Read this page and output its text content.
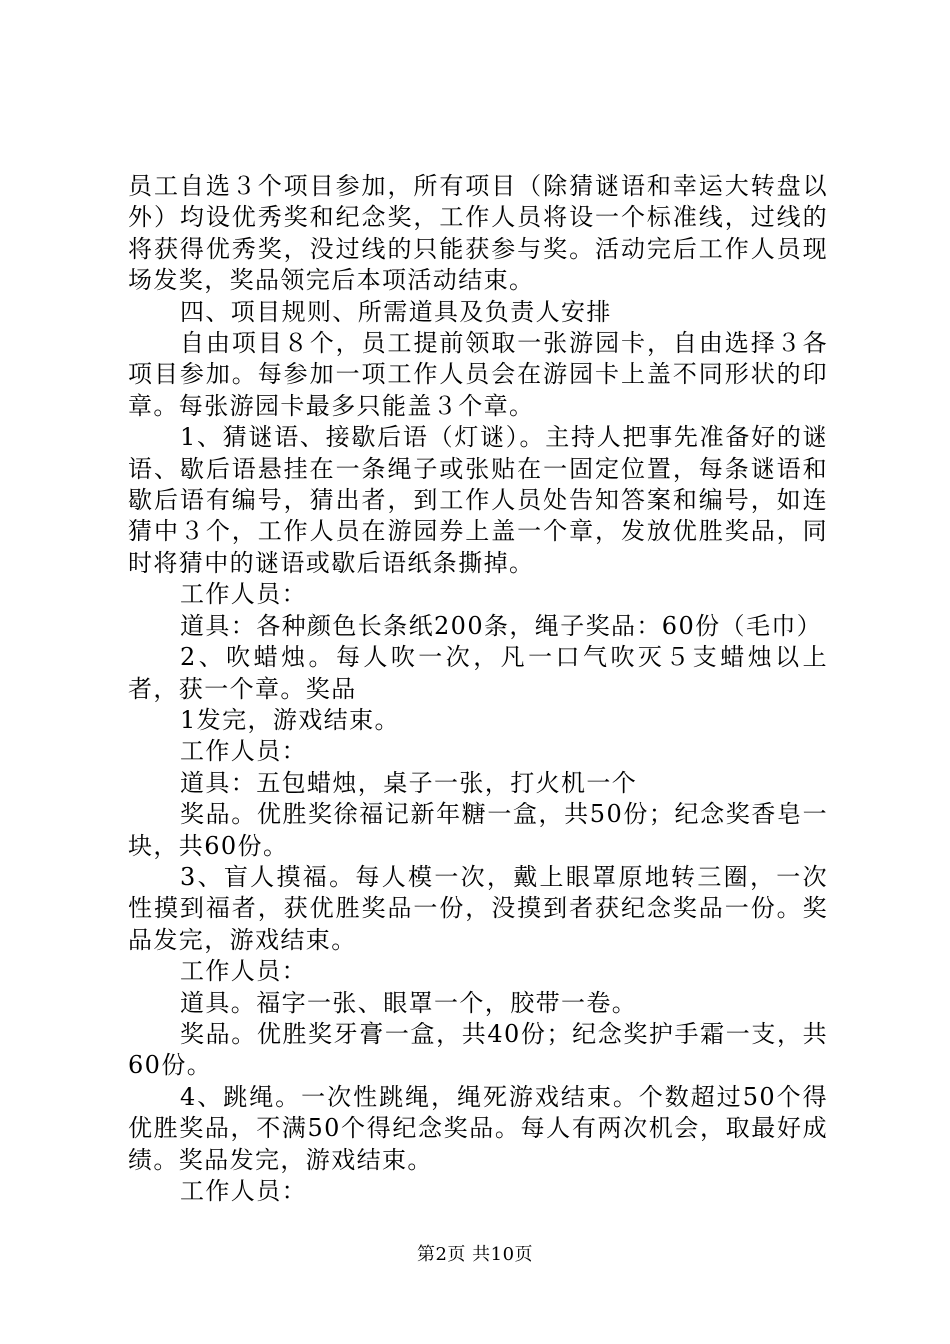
员工自选３个项目参加，所有项目（除猜谜语和幸运大转盘以外）均设优秀奖和纪念奖，工作人员将设一个标准线，过线的将获得优秀奖，没过线的只能获参与奖。活动完后工作人员现场发奖，奖品领完后本项活动结束。

四、项目规则、所需道具及负责人安排

自由项目８个，员工提前领取一张游园卡，自由选择３各项目参加。每参加一项工作人员会在游园卡上盖不同形状的印章。每张游园卡最多只能盖３个章。

1、猜谜语、接歇后语（灯谜）。主持人把事先准备好的谜语、歇后语悬挂在一条绳子或张贴在一固定位置，每条谜语和歇后语有编号，猜出者，到工作人员处告知答案和编号，如连猜中３个，工作人员在游园券上盖一个章，发放优胜奖品，同时将猜中的谜语或歇后语纸条撕掉。

工作人员：

道具：各种颜色长条纸200条，绳子奖品：60份（毛巾）

2、吹蜡烛。每人吹一次，凡一口气吹灭５支蜡烛以上者，获一个章。奖品

1发完，游戏结束。

工作人员：

道具：五包蜡烛，桌子一张，打火机一个

奖品。优胜奖徐福记新年糖一盒，共50份；纪念奖香皂一块，共60份。

3、盲人摸福。每人模一次，戴上眼罩原地转三圈，一次性摸到福者，获优胜奖品一份，没摸到者获纪念奖品一份。奖品发完，游戏结束。

工作人员：

道具。福字一张、眼罩一个，胶带一卷。

奖品。优胜奖牙膏一盒，共40份；纪念奖护手霜一支，共60份。

4、跳绳。一次性跳绳，绳死游戏结束。个数超过50个得优胜奖品，不满50个得纪念奖品。每人有两次机会，取最好成绩。奖品发完，游戏结束。

工作人员：

第2页 共10页
